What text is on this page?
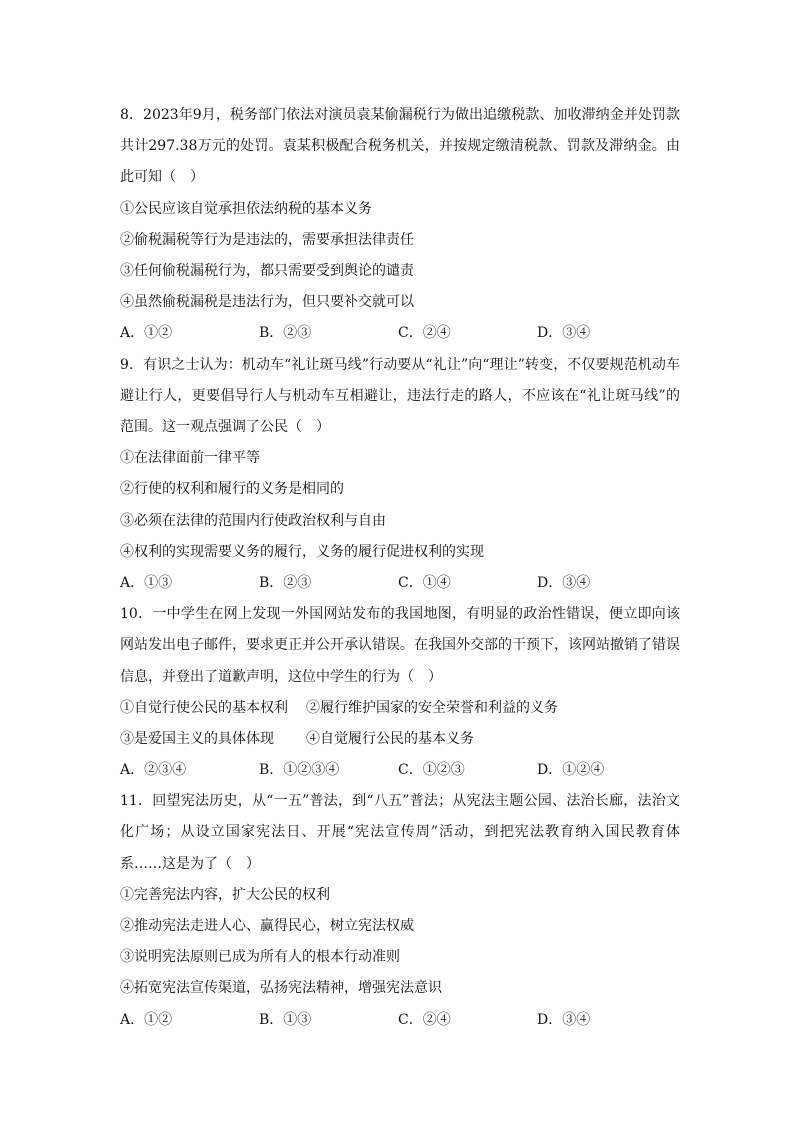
8．2023年9月，税务部门依法对演员袁某偷漏税行为做出追缴税款、加收滞纳金并处罚款共计297.38万元的处罚。袁某积极配合税务机关，并按规定缴清税款、罚款及滞纳金。由此可知（　）
①公民应该自觉承担依法纳税的基本义务
②偷税漏税等行为是违法的，需要承担法律责任
③任何偷税漏税行为，都只需要受到舆论的谴责
④虽然偷税漏税是违法行为，但只要补交就可以
A．①②	B．②③	C．②④	D．③④
9．有识之士认为：机动车“礼让斑马线”行动要从“礼让”向“理让”转变，不仅要规范机动车避让行人，更要倡导行人与机动车互相避让，违法行走的路人，不应该在“礼让斑马线”的范围。这一观点强调了公民（　）
①在法律面前一律平等
②行使的权利和履行的义务是相同的
③必须在法律的范围内行使政治权利与自由
④权利的实现需要义务的履行，义务的履行促进权利的实现
A．①③	B．②③	C．①④	D．③④
10．一中学生在网上发现一外国网站发布的我国地图，有明显的政治性错误，便立即向该网站发出电子邮件，要求更正并公开承认错误。在我国外交部的干预下，该网站撤销了错误信息，并登出了道歉声明，这位中学生的行为（　）
①自觉行使公民的基本权利	②履行维护国家的安全荣誉和利益的义务
③是爱国主义的具体体现	④自觉履行公民的基本义务
A．②③④	B．①②③④	C．①②③	D．①②④
11．回望宪法历史，从“一五”普法，到“八五”普法；从宪法主题公园、法治长廊，法治文化广场；从设立国家宪法日、开展“宪法宣传周”活动，到把宪法教育纳入国民教育体系……这是为了（　）
①完善宪法内容，扩大公民的权利
②推动宪法走进人心、赢得民心，树立宪法权威
③说明宪法原则已成为所有人的根本行动准则
④拓宽宪法宣传渠道，弘扬宪法精神，增强宪法意识
A．①②	B．①③	C．②④	D．③④
